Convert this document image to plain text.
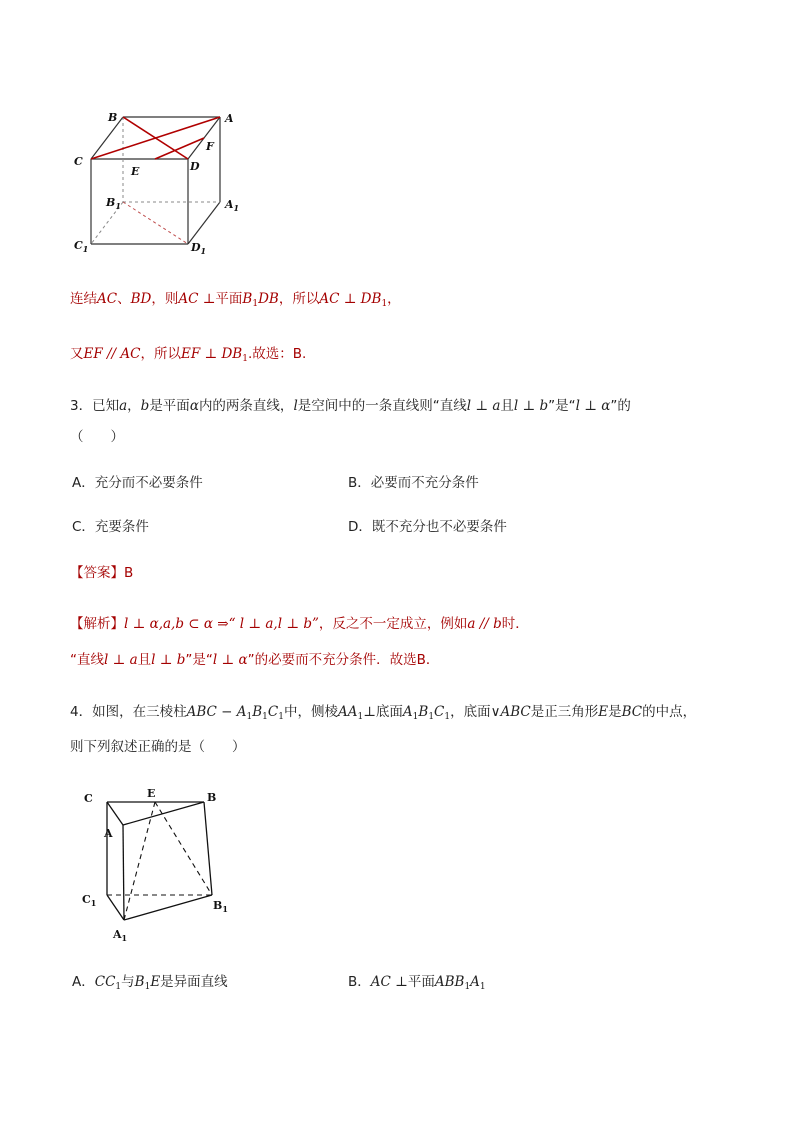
B	A
C	D
E
F
$B_1$	$A_1$
$C_1$	$D_1$
连结AC、BD，则AC ⊥平面$B_1DB$，所以AC ⊥ $DB_1$，
又EF // AC，所以EF ⊥ $DB_1$.故选：B.
3．已知a，b是平面α内的两条直线，l是空间中的一条直线则“直线l ⊥ a且l ⊥ b”是“l ⊥ α”的
（　　）
A．充分而不必要条件	B．必要而不充分条件
C．充要条件	D．既不充分也不必要条件
【答案】B
【解析】l ⊥ α,a,b ⊂ α ⇒“ l ⊥ a,l ⊥ b”，反之不一定成立，例如a // b时．
“直线l ⊥ a且l ⊥ b”是“l ⊥ α”的必要而不充分条件．故选B．
4．如图，在三棱柱ABC − $A_1B_1C_1$中，侧棱$AA_1\perp$底面$A_1B_1C_1$，底面∨ABC是正三角形E是BC的中点，
则下列叙述正确的是（　　）
C	E	B
A
$C_1$	$B_1$
$A_1$
A．$CC_1$与$B_1E$是异面直线	B．AC ⊥平面$ABB_1A_1$
